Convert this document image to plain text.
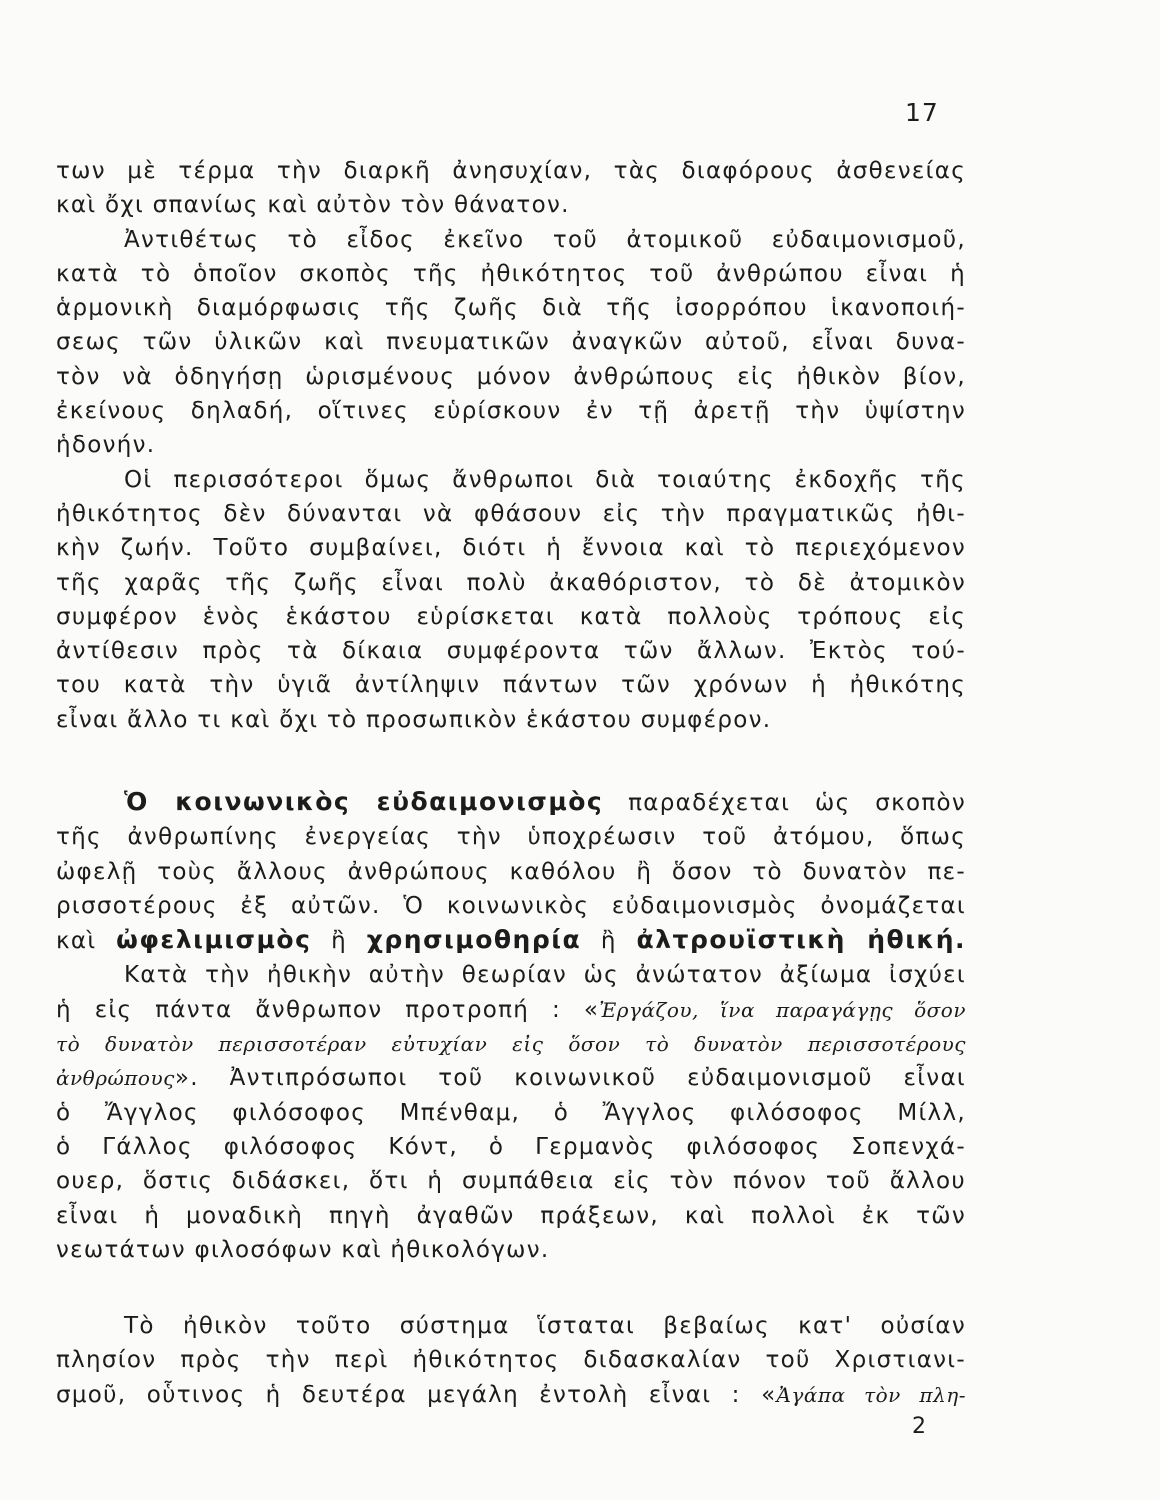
17
των μὲ τέρμα τὴν διαρκῆ ἀνησυχίαν, τὰς διαφόρους ἀσθενείας
καὶ ὄχι σπανίως καὶ αὐτὸν τὸν θάνατον.
Ἀντιθέτως τὸ εἶδος ἐκεῖνο τοῦ ἀτομικοῦ εὐδαιμονισμοῦ,
κατὰ τὸ ὁποῖον σκοπὸς τῆς ἠθικότητος τοῦ ἀνθρώπου εἶναι ἡ
ἁρμονικὴ διαμόρφωσις τῆς ζωῆς διὰ τῆς ἰσορρόπου ἱκανοποιή-
σεως τῶν ὑλικῶν καὶ πνευματικῶν ἀναγκῶν αὐτοῦ, εἶναι δυνα-
τὸν νὰ ὁδηγήσῃ ὡρισμένους μόνον ἀνθρώπους εἰς ἠθικὸν βίον,
ἐκείνους δηλαδή, οἵτινες εὑρίσκουν ἐν τῇ ἀρετῇ τὴν ὑψίστην
ἡδονήν.
Οἱ περισσότεροι ὅμως ἄνθρωποι διὰ τοιαύτης ἐκδοχῆς τῆς
ἠθικότητος δὲν δύνανται νὰ φθάσουν εἰς τὴν πραγματικῶς ἠθι-
κὴν ζωήν. Τοῦτο συμβαίνει, διότι ἡ ἔννοια καὶ τὸ περιεχόμενον
τῆς χαρᾶς τῆς ζωῆς εἶναι πολὺ ἀκαθόριστον, τὸ δὲ ἀτομικὸν
συμφέρον ἑνὸς ἑκάστου εὑρίσκεται κατὰ πολλοὺς τρόπους εἰς
ἀντίθεσιν πρὸς τὰ δίκαια συμφέροντα τῶν ἄλλων. Ἐκτὸς τού-
του κατὰ τὴν ὑγιᾶ ἀντίληψιν πάντων τῶν χρόνων ἡ ἠθικότης
εἶναι ἄλλο τι καὶ ὄχι τὸ προσωπικὸν ἑκάστου συμφέρον.
Ὁ κοινωνικὸς εὐδαιμονισμὸς παραδέχεται ὡς σκοπὸν
τῆς ἀνθρωπίνης ἐνεργείας τὴν ὑποχρέωσιν τοῦ ἀτόμου, ὅπως
ὠφελῇ τοὺς ἄλλους ἀνθρώπους καθόλου ἢ ὅσον τὸ δυνατὸν πε-
ρισσοτέρους ἐξ αὐτῶν. Ὁ κοινωνικὸς εὐδαιμονισμὸς ὀνομάζεται
καὶ ὠφελιμισμὸς ἢ χρησιμοθηρία ἢ ἀλτρουϊστικὴ ἠθική.
Κατὰ τὴν ἠθικὴν αὐτὴν θεωρίαν ὡς ἀνώτατον ἀξίωμα ἰσχύει
ἡ εἰς πάντα ἄνθρωπον προτροπή : «Ἐργάζου, ἵνα παραγάγῃς ὅσον
τὸ δυνατὸν περισσοτέραν εὐτυχίαν εἰς ὅσον τὸ δυνατὸν περισσοτέρους
ἀνθρώπους». Ἀντιπρόσωποι τοῦ κοινωνικοῦ εὐδαιμονισμοῦ εἶναι
ὁ Ἄγγλος φιλόσοφος Μπένθαμ, ὁ Ἄγγλος φιλόσοφος Μίλλ,
ὁ Γάλλος φιλόσοφος Κόντ, ὁ Γερμανὸς φιλόσοφος Σοπενχά-
ουερ, ὅστις διδάσκει, ὅτι ἡ συμπάθεια εἰς τὸν πόνον τοῦ ἄλλου
εἶναι ἡ μοναδικὴ πηγὴ ἀγαθῶν πράξεων, καὶ πολλοὶ ἐκ τῶν
νεωτάτων φιλοσόφων καὶ ἠθικολόγων.
Τὸ ἠθικὸν τοῦτο σύστημα ἵσταται βεβαίως κατ' οὐσίαν
πλησίον πρὸς τὴν περὶ ἠθικότητος διδασκαλίαν τοῦ Χριστιανι-
σμοῦ, οὗτινος ἡ δευτέρα μεγάλη ἐντολὴ εἶναι : «Ἀγάπα τὸν πλη-
2
